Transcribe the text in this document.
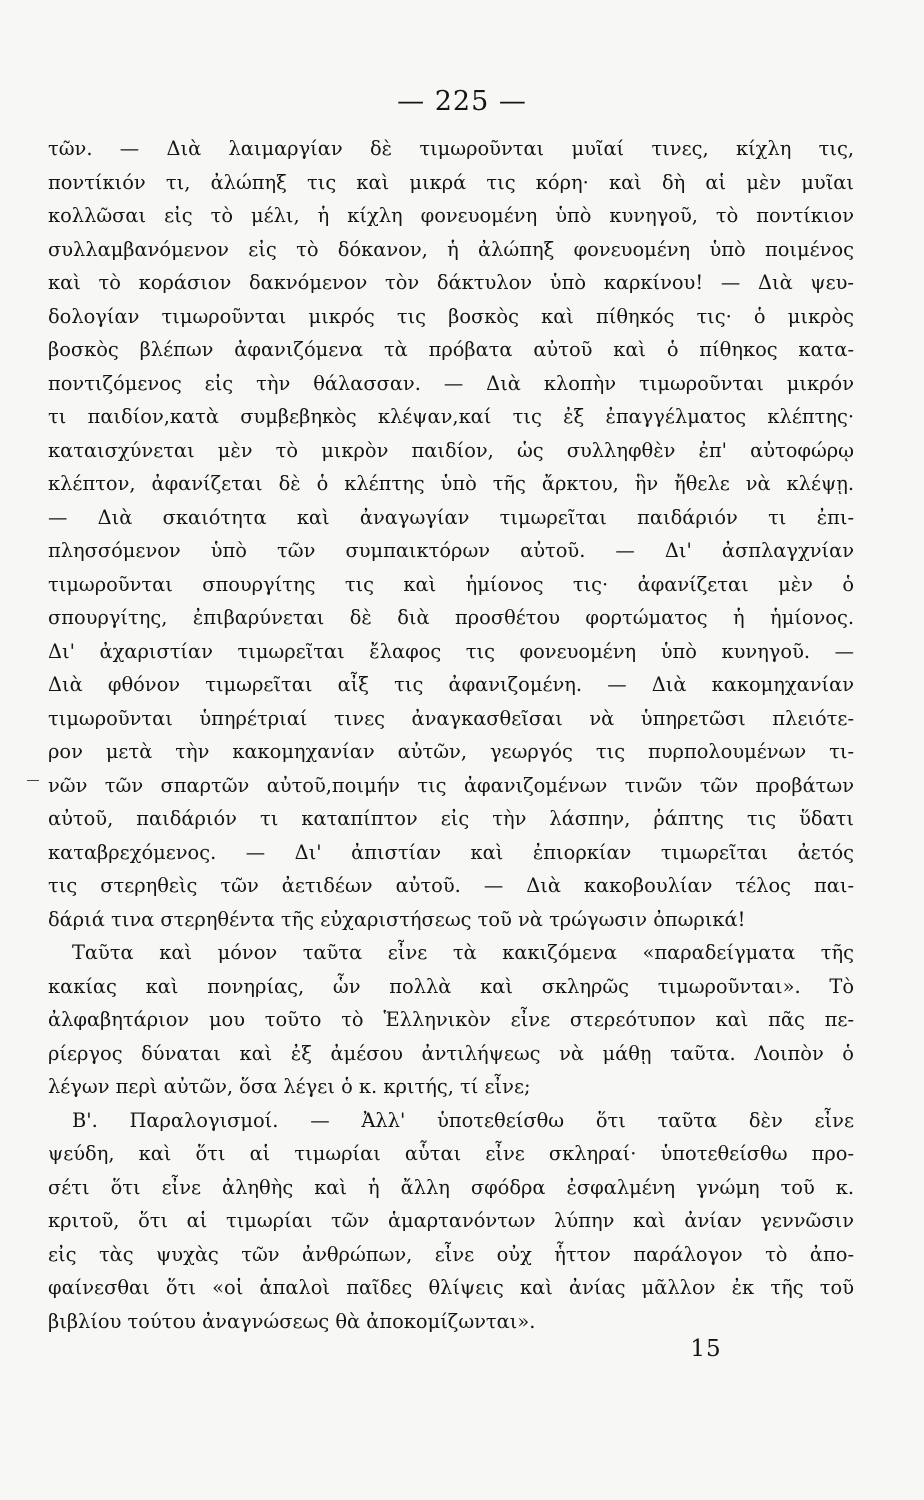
— 225 —
τῶν. — Διὰ λαιμαργίαν δὲ τιμωροῦνται μυῖαί τινες, κίχλη τις,
ποντίκιόν τι, ἀλώπηξ τις καὶ μικρά τις κόρη· καὶ δὴ αἱ μὲν μυῖαι
κολλῶσαι εἰς τὸ μέλι, ἡ κίχλη φονευομένη ὑπὸ κυνηγοῦ, τὸ ποντίκιον
συλλαμβανόμενον εἰς τὸ δόκανον, ἡ ἀλώπηξ φονευομένη ὑπὸ ποιμένος
καὶ τὸ κοράσιον δακνόμενον τὸν δάκτυλον ὑπὸ καρκίνου! — Διὰ ψευ-
δολογίαν τιμωροῦνται μικρός τις βοσκὸς καὶ πίθηκός τις· ὁ μικρὸς
βοσκὸς βλέπων ἀφανιζόμενα τὰ πρόβατα αὐτοῦ καὶ ὁ πίθηκος κατα-
ποντιζόμενος εἰς τὴν θάλασσαν. — Διὰ κλοπὴν τιμωροῦνται μικρόν
τι παιδίον,κατὰ συμβεβηκὸς κλέψαν,καί τις ἐξ ἐπαγγέλματος κλέπτης·
καταισχύνεται μὲν τὸ μικρὸν παιδίον, ὡς συλληφθὲν ἐπ' αὐτοφώρῳ
κλέπτον, ἀφανίζεται δὲ ὁ κλέπτης ὑπὸ τῆς ἄρκτου, ἣν ἤθελε νὰ κλέψῃ.
— Διὰ σκαιότητα καὶ ἀναγωγίαν τιμωρεῖται παιδάριόν τι ἐπι-
πλησσόμενον ὑπὸ τῶν συμπαικτόρων αὐτοῦ. — Δι' ἀσπλαγχνίαν
τιμωροῦνται σπουργίτης τις καὶ ἡμίονος τις· ἀφανίζεται μὲν ὁ
σπουργίτης, ἐπιβαρύνεται δὲ διὰ προσθέτου φορτώματος ἡ ἡμίονος.
Δι' ἀχαριστίαν τιμωρεῖται ἔλαφος τις φονευομένη ὑπὸ κυνηγοῦ. —
Διὰ φθόνον τιμωρεῖται αἶξ τις ἀφανιζομένη. — Διὰ κακομηχανίαν
τιμωροῦνται ὑπηρέτριαί τινες ἀναγκασθεῖσαι νὰ ὑπηρετῶσι πλειότε-
ρον μετὰ τὴν κακομηχανίαν αὐτῶν, γεωργός τις πυρπολουμένων τι-
νῶν τῶν σπαρτῶν αὐτοῦ,ποιμήν τις ἀφανιζομένων τινῶν τῶν προβάτων
αὐτοῦ, παιδάριόν τι καταπίπτον εἰς τὴν λάσπην, ῥάπτης τις ὕδατι
καταβρεχόμενος. — Δι' ἀπιστίαν καὶ ἐπιορκίαν τιμωρεῖται ἀετός
τις στερηθεὶς τῶν ἀετιδέων αὐτοῦ. — Διὰ κακοβουλίαν τέλος παι-
δάριά τινα στερηθέντα τῆς εὐχαριστήσεως τοῦ νὰ τρώγωσιν ὀπωρικά!
Ταῦτα καὶ μόνον ταῦτα εἶνε τὰ κακιζόμενα «παραδείγματα τῆς
κακίας καὶ πονηρίας, ὧν πολλὰ καὶ σκληρῶς τιμωροῦνται». Τὸ
ἀλφαβητάριον μου τοῦτο τὸ Ἑλληνικὸν εἶνε στερεότυπον καὶ πᾶς πε-
ρίεργος δύναται καὶ ἐξ ἀμέσου ἀντιλήψεως νὰ μάθῃ ταῦτα. Λοιπὸν ὁ
λέγων περὶ αὐτῶν, ὅσα λέγει ὁ κ. κριτής, τί εἶνε;
Β'. Παραλογισμοί. — Ἀλλ' ὑποτεθείσθω ὅτι ταῦτα δὲν εἶνε
ψεύδη, καὶ ὅτι αἱ τιμωρίαι αὗται εἶνε σκληραί· ὑποτεθείσθω προ-
σέτι ὅτι εἶνε ἀληθὴς καὶ ἡ ἄλλη σφόδρα ἐσφαλμένη γνώμη τοῦ κ.
κριτοῦ, ὅτι αἱ τιμωρίαι τῶν ἁμαρτανόντων λύπην καὶ ἀνίαν γεννῶσιν
εἰς τὰς ψυχὰς τῶν ἀνθρώπων, εἶνε οὐχ ἧττον παράλογον τὸ ἀπο-
φαίνεσθαι ὅτι «οἱ ἁπαλοὶ παῖδες θλίψεις καὶ ἀνίας μᾶλλον ἐκ τῆς τοῦ
βιβλίου τούτου ἀναγνώσεως θὰ ἀποκομίζωνται».
15
